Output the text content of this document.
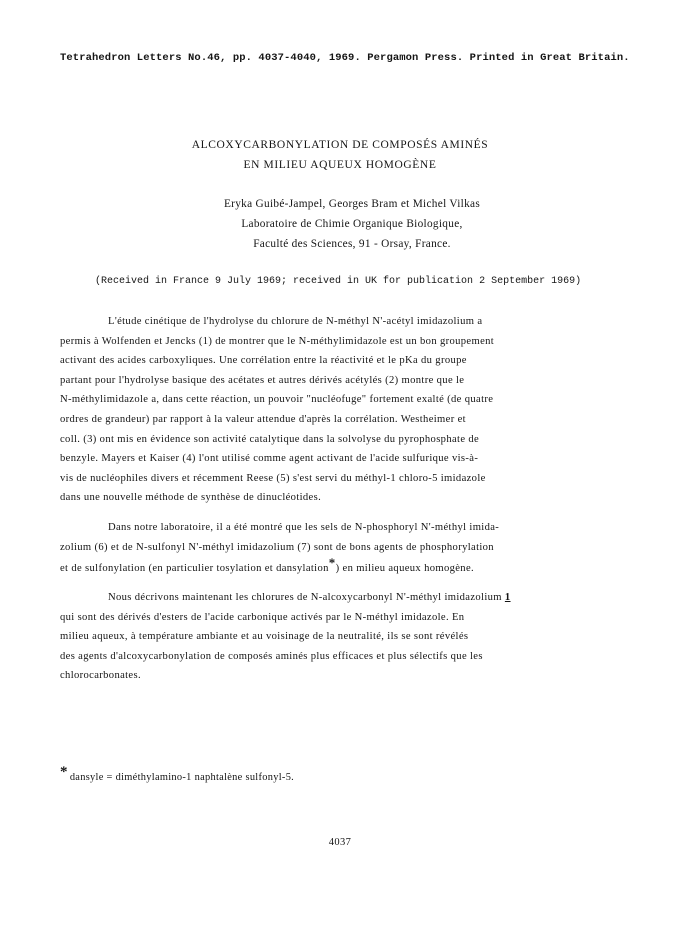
Tetrahedron Letters No.46, pp. 4037-4040, 1969. Pergamon Press. Printed in Great Britain.
ALCOXYCARBONYLATION DE COMPOSÉS AMINÉS
EN MILIEU AQUEUX HOMOGÈNE
Eryka Guibé-Jampel, Georges Bram et Michel Vilkas
Laboratoire de Chimie Organique Biologique,
Faculté des Sciences, 91 - Orsay, France.
(Received in France 9 July 1969; received in UK for publication 2 September 1969)
L'étude cinétique de l'hydrolyse du chlorure de N-méthyl N'-acétyl imidazolium a
permis à Wolfenden et Jencks (1) de montrer que le N-méthylimidazole est un bon groupement
activant des acides carboxyliques. Une corrélation entre la réactivité et le pKa du groupe
partant pour l'hydrolyse basique des acétates et autres dérivés acétylés (2) montre que le
N-méthylimidazole a, dans cette réaction, un pouvoir "nucléofuge" fortement exalté (de quatre
ordres de grandeur) par rapport à la valeur attendue d'après la corrélation. Westheimer et
coll. (3) ont mis en évidence son activité catalytique dans la solvolyse du pyrophosphate de
benzyle. Mayers et Kaiser (4) l'ont utilisé comme agent activant de l'acide sulfurique vis-à-
vis de nucléophiles divers et récemment Reese (5) s'est servi du méthyl-1 chloro-5 imidazole
dans une nouvelle méthode de synthèse de dinucléotides.
Dans notre laboratoire, il a été montré que les sels de N-phosphoryl N'-méthyl imida-
zolium (6) et de N-sulfonyl N'-méthyl imidazolium (7) sont de bons agents de phosphorylation
et de sulfonylation (en particulier tosylation et dansylation*) en milieu aqueux homogène.
Nous décrivons maintenant les chlorures de N-alcoxycarbonyl N'-méthyl imidazolium 1
qui sont des dérivés d'esters de l'acide carbonique activés par le N-méthyl imidazole. En
milieu aqueux, à température ambiante et au voisinage de la neutralité, ils se sont révélés
des agents d'alcoxycarbonylation de composés aminés plus efficaces et plus sélectifs que les
chlorocarbonates.
* dansyle = diméthylamino-1 naphtalène sulfonyl-5.
4037
